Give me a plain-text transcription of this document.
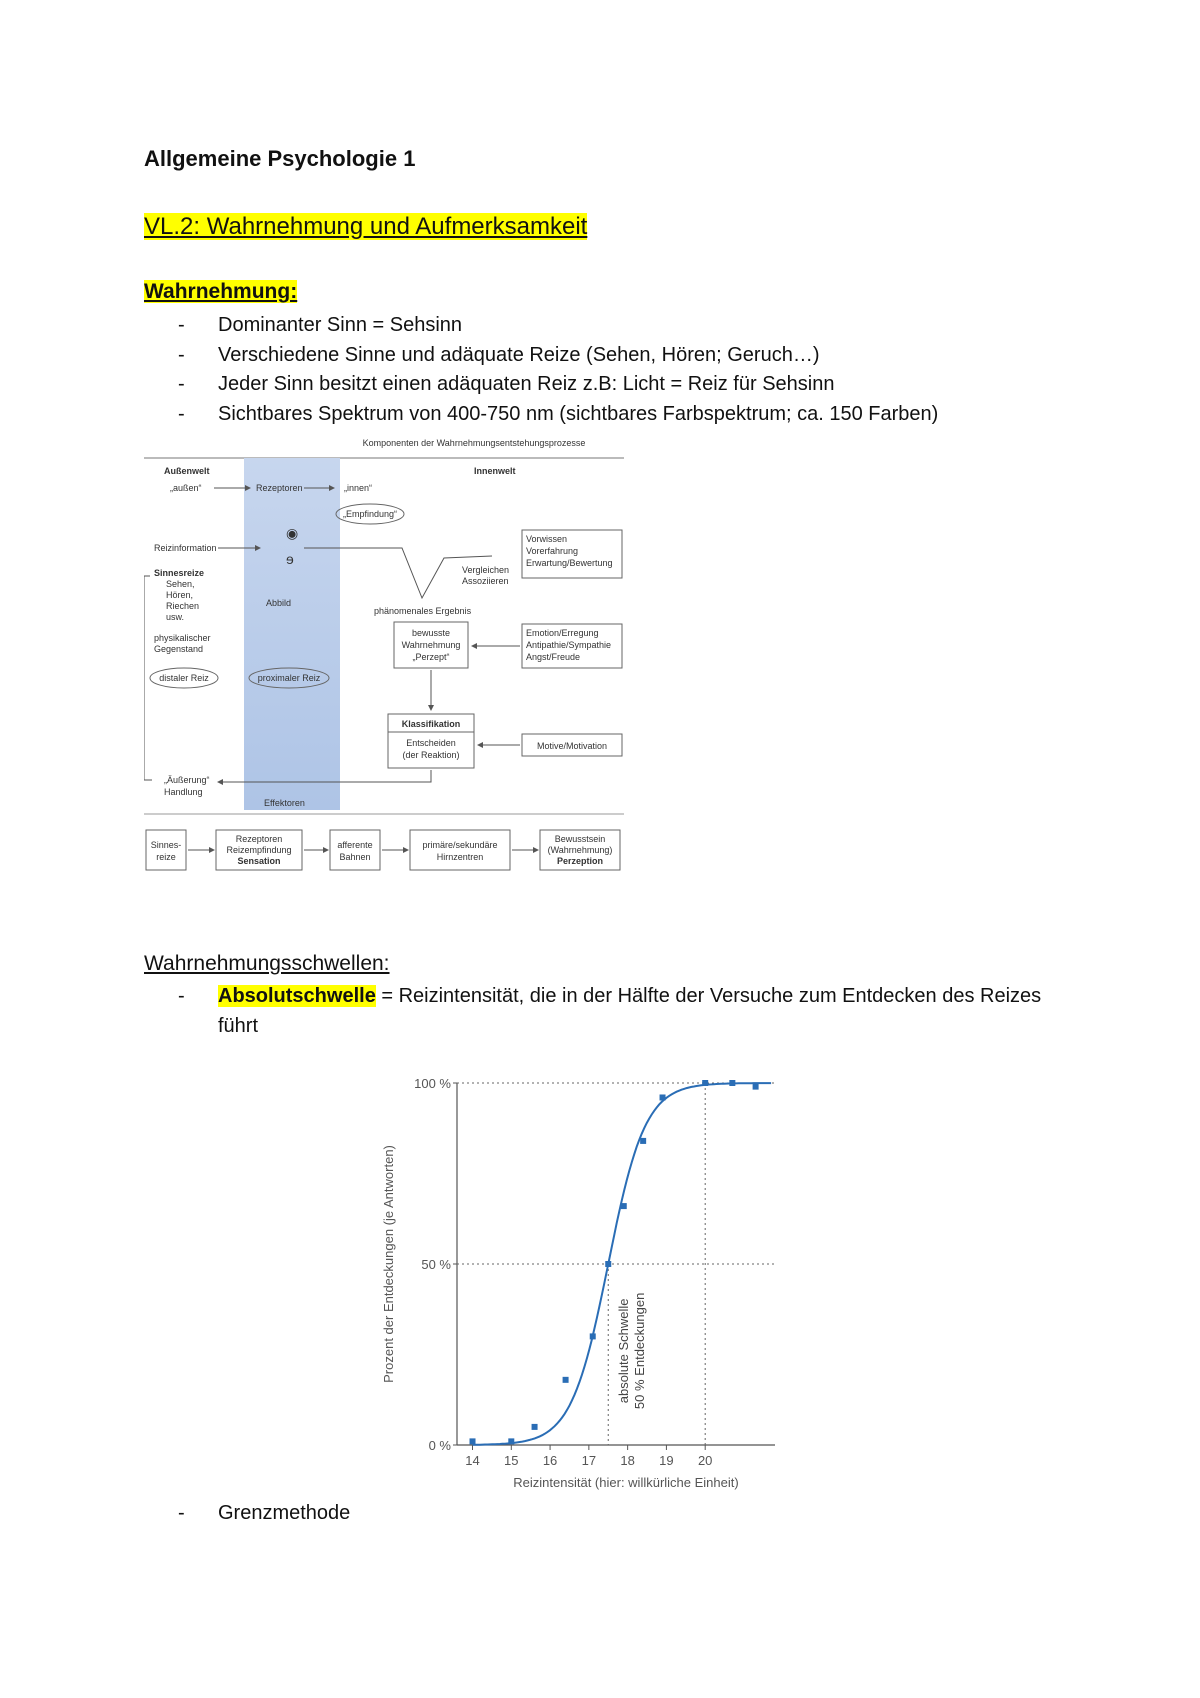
Allgemeine Psychologie 1
VL.2: Wahrnehmung und Aufmerksamkeit
Wahrnehmung:
- Dominanter Sinn = Sehsinn
- Verschiedene Sinne und adäquate Reize (Sehen, Hören; Geruch…)
- Jeder Sinn besitzt einen adäquaten Reiz z.B: Licht = Reiz für Sehsinn
- Sichtbares Spektrum von 400-750 nm (sichtbares Farbspektrum; ca. 150 Farben)
Komponenten der Wahrnehmungsentstehungsprozesse
Außenwelt	Innenwelt
„außen“	Rezeptoren	„innen“
„Empfindung“
Reizinformation
◉
ɘ
Abbild
Sinnesreize
Sehen,
Hören,
Riechen
usw.
physikalischer
Gegenstand
distaler Reiz	proximaler Reiz
Vergleichen
Assoziieren
Vorwissen
Vorerfahrung
Erwartung/Bewertung
phänomenales Ergebnis
bewusste
Wahrnehmung
„Perzept“
Emotion/Erregung
Antipathie/Sympathie
Angst/Freude
Klassifikation
Entscheiden
(der Reaktion)
Motive/Motivation
„Äußerung“
Handlung
Effektoren
Sinnes-
reize
Rezeptoren
Reizempfindung
Sensation
afferente
Bahnen
primäre/sekundäre
Hirnzentren
Bewusstsein
(Wahrnehmung)
Perzeption
Wahrnehmungsschwellen:
- Absolutschwelle = Reizintensität, die in der Hälfte der Versuche zum Entdecken des Reizes führt
0 %
50 %
100 %
14 15 16 17 18 19 20
absolute Schwelle 50 % Entdeckungen
Prozent der Entdeckungen (je Antworten)
Reizintensität (hier: willkürliche Einheit)
- Grenzmethode
